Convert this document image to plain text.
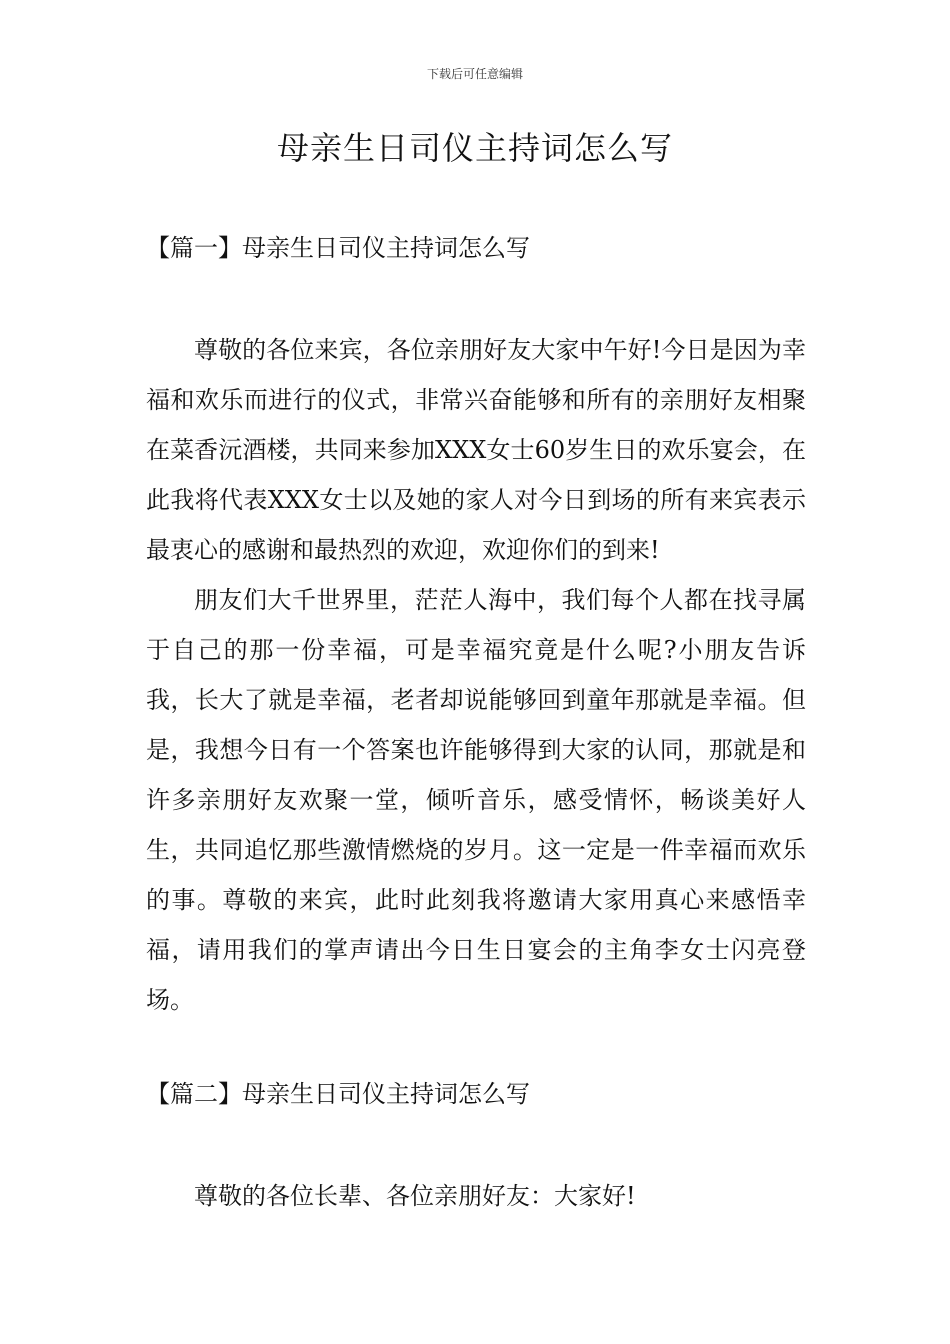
下载后可任意编辑
母亲生日司仪主持词怎么写
【篇一】母亲生日司仪主持词怎么写

尊敬的各位来宾，各位亲朋好友大家中午好!今日是因为幸福和欢乐而进行的仪式，非常兴奋能够和所有的亲朋好友相聚在菜香沅酒楼，共同来参加XXX女士60岁生日的欢乐宴会，在此我将代表XXX女士以及她的家人对今日到场的所有来宾表示最衷心的感谢和最热烈的欢迎，欢迎你们的到来!

朋友们大千世界里，茫茫人海中，我们每个人都在找寻属于自己的那一份幸福，可是幸福究竟是什么呢?小朋友告诉我，长大了就是幸福，老者却说能够回到童年那就是幸福。但是，我想今日有一个答案也许能够得到大家的认同，那就是和许多亲朋好友欢聚一堂，倾听音乐，感受情怀，畅谈美好人生，共同追忆那些激情燃烧的岁月。这一定是一件幸福而欢乐的事。尊敬的来宾，此时此刻我将邀请大家用真心来感悟幸福，请用我们的掌声请出今日生日宴会的主角李女士闪亮登场。

【篇二】母亲生日司仪主持词怎么写

尊敬的各位长辈、各位亲朋好友：大家好!
